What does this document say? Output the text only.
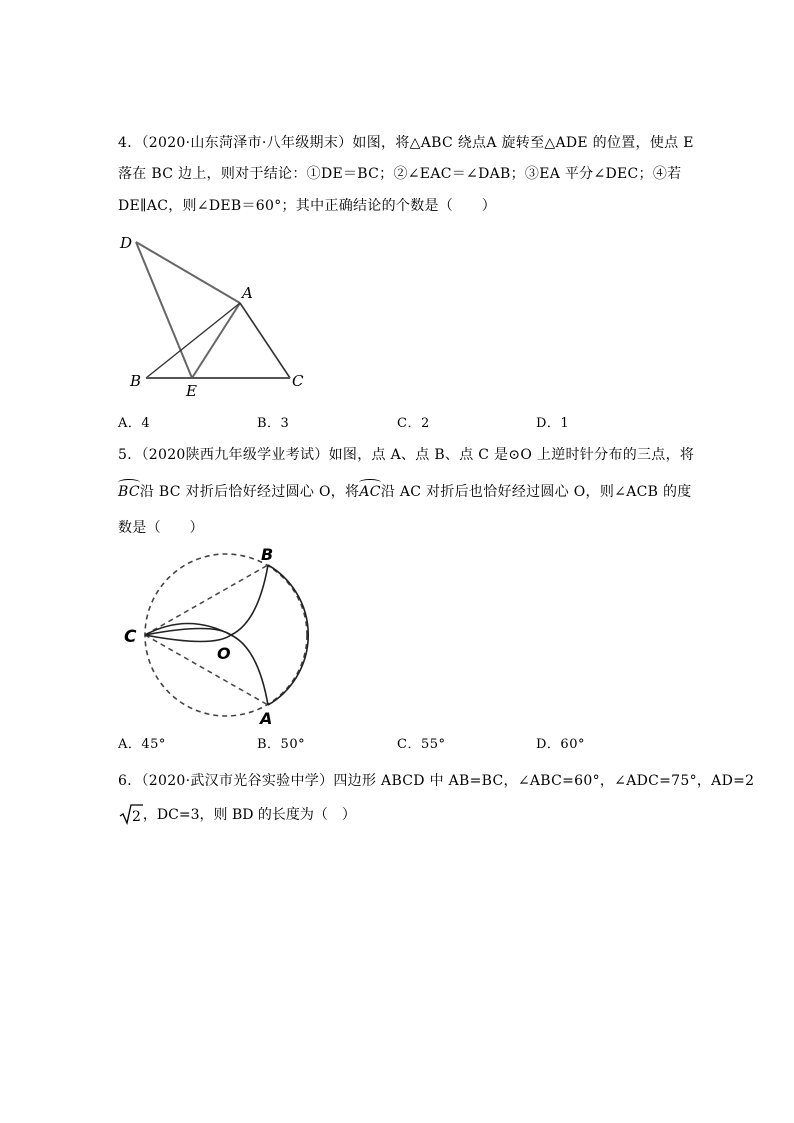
4．（2020·山东菏泽市·八年级期末）如图，将△ABC 绕点A 旋转至△ADE 的位置，使点 E
落在 BC 边上，则对于结论：①DE＝BC；②∠EAC＝∠DAB；③EA 平分∠DEC；④若
DE∥AC，则∠DEB＝60°；其中正确结论的个数是（　　）
D
A
B
E
C
A．4	B．3	C．2	D．1
5．（2020陕西九年级学业考试）如图，点 A、点 B、点 C 是⊙O 上逆时针分布的三点，将
BC沿 BC 对折后恰好经过圆心 O，将
AC沿 AC 对折后也恰好经过圆心 O，则∠ACB 的度
数是（　　）
B
C
O
A
A．45°	B．50°	C．55°	D．60°
6．（2020·武汉市光谷实验中学）四边形 ABCD 中 AB=BC，∠ABC=60°，∠ADC=75°，AD=2
2 ，DC=3，则 BD 的长度为（　）
